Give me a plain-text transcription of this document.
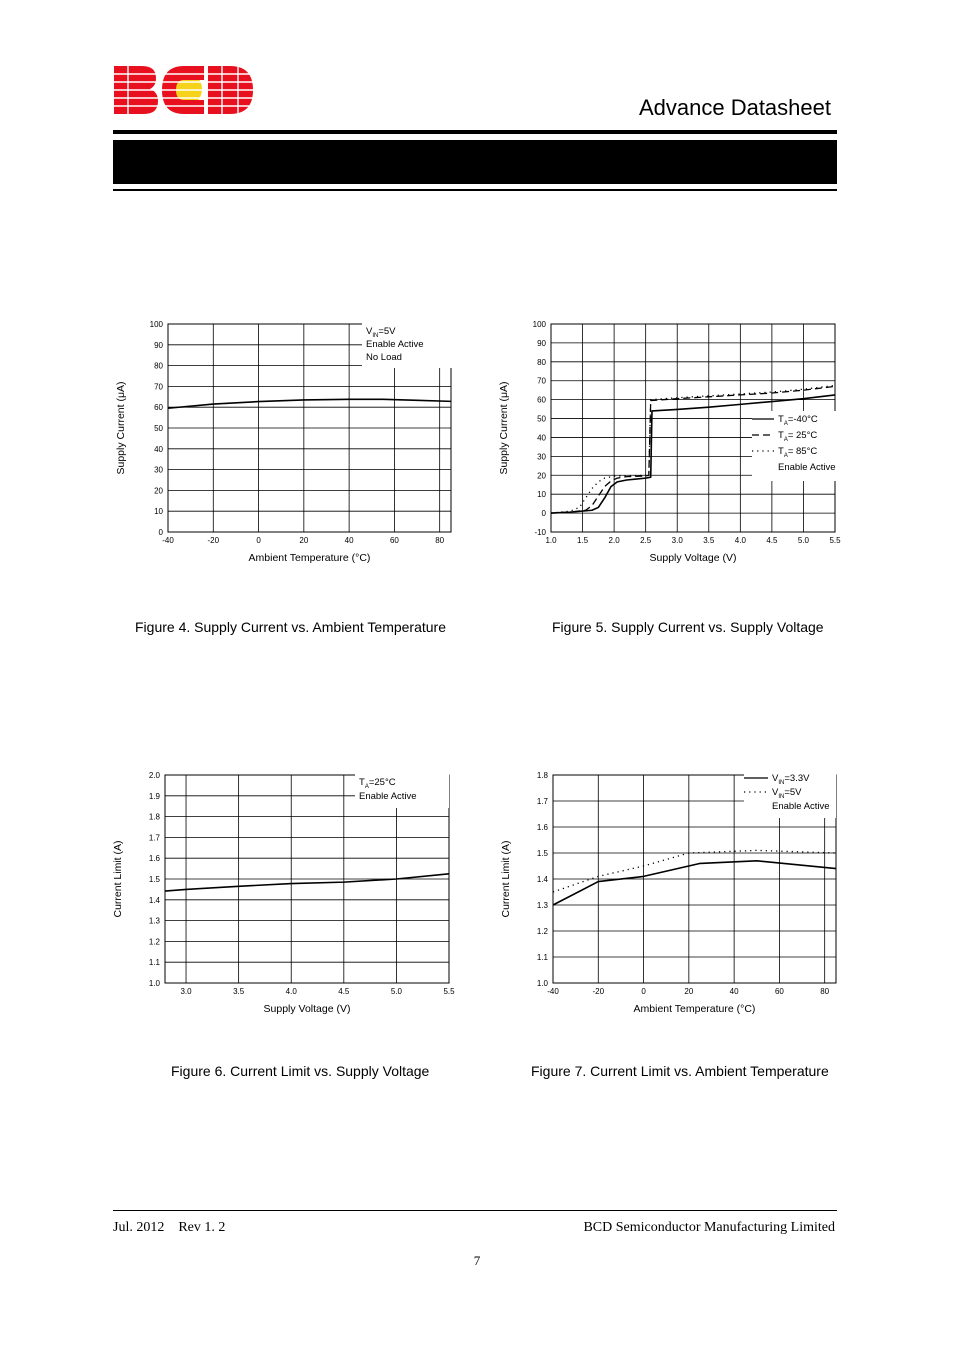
Advance Datasheet
0
10
20
30
40
50
60
70
80
90
100
-40	-20	0	20	40	60	80
Ambient Temperature (°C)
Supply Current (μA)
$V_{IN}=5V$
Enable Active
No Load
-10
0
10
20
30
40
50
60
70
80
90
100
1.0	1.5	2.0	2.5	3.0	3.5	4.0	4.5	5.0	5.5
Supply Voltage (V)
Supply Current (μA)	$T_A=-40^\circ C$
$T_A= 25^\circ C$
$T_A= 85^\circ C$
Enable Active
1.0
1.1
1.2
1.3
1.4
1.5
1.6
1.7
1.8
1.9
2.0
3.0	3.5	4.0	4.5	5.0	5.5
Supply Voltage (V)
Current Limit (A)
$T_A=25^\circ C$
Enable Active
1.0
1.1
1.2
1.3
1.4
1.5
1.6
1.7
1.8
-40	-20	0	20	40	60	80
Ambient Temperature (°C)
Current Limit (A)
$V_{IN}=3.3V$
$V_{IN}=5V$
Enable Active
Figure 4. Supply Current vs. Ambient Temperature	Figure 5. Supply Current vs. Supply Voltage
Figure 6. Current Limit vs. Supply Voltage	Figure 7. Current Limit vs. Ambient Temperature
Jul. 2012    Rev 1. 2	BCD Semiconductor Manufacturing Limited
7
